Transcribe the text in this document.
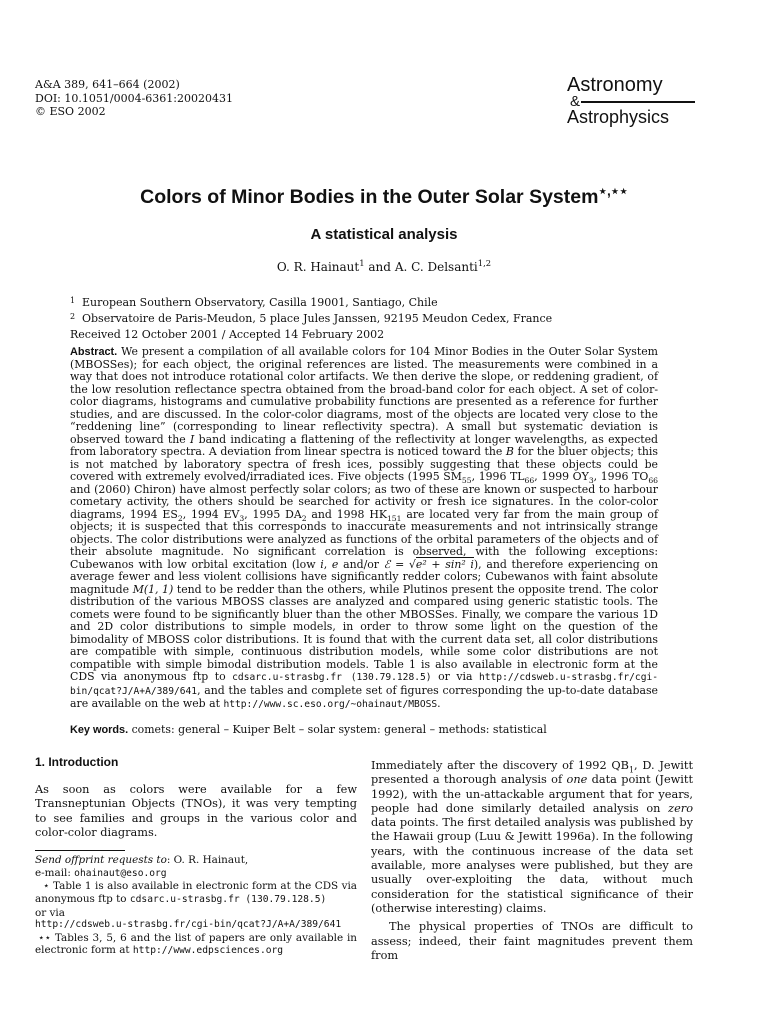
A&A 389, 641–664 (2002)
DOI: 10.1051/0004-6361:20020431
© ESO 2002
Astronomy
&
Astrophysics
Colors of Minor Bodies in the Outer Solar System⋆,⋆⋆
A statistical analysis
O. R. Hainaut$^1$ and A. C. Delsanti$^{1,2}$
1 European Southern Observatory, Casilla 19001, Santiago, Chile
2 Observatoire de Paris-Meudon, 5 place Jules Janssen, 92195 Meudon Cedex, France
Received 12 October 2001 / Accepted 14 February 2002
Abstract. We present a compilation of all available colors for 104 Minor Bodies in the Outer Solar System (MBOSSes); for each object, the original references are listed. The measurements were combined in a way that does not introduce rotational color artifacts. We then derive the slope, or reddening gradient, of the low resolution reflectance spectra obtained from the broad-band color for each object. A set of color-color diagrams, histograms and cumulative probability functions are presented as a reference for further studies, and are discussed. In the color-color diagrams, most of the objects are located very close to the “reddening line” (corresponding to linear reflectivity spectra). A small but systematic deviation is observed toward the I band indicating a flattening of the reflectivity at longer wavelengths, as expected from laboratory spectra. A deviation from linear spectra is noticed toward the B for the bluer objects; this is not matched by laboratory spectra of fresh ices, possibly suggesting that these objects could be covered with extremely evolved/irradiated ices. Five objects (1995 $SM_{55}$, 1996 $TL_{66}$, 1999 $OY_3$, 1996 $TO_{66}$ and (2060) Chiron) have almost perfectly solar colors; as two of these are known or suspected to harbour cometary activity, the others should be searched for activity or fresh ice signatures. In the color-color diagrams, 1994 $ES_2$, 1994 $EV_3$, 1995 $DA_2$ and 1998 $HK_{151}$ are located very far from the main group of objects; it is suspected that this corresponds to inaccurate measurements and not intrinsically strange objects. The color distributions were analyzed as functions of the orbital parameters of the objects and of their absolute magnitude. No significant correlation is observed, with the following exceptions: Cubewanos with low orbital excitation (low i, e and/or ℰ = √e² + sin² i), and therefore experiencing on average fewer and less violent collisions have significantly redder colors; Cubewanos with faint absolute magnitude M(1, 1) tend to be redder than the others, while Plutinos present the opposite trend. The color distribution of the various MBOSS classes are analyzed and compared using generic statistic tools. The comets were found to be significantly bluer than the other MBOSSes. Finally, we compare the various 1D and 2D color distributions to simple models, in order to throw some light on the question of the bimodality of MBOSS color distributions. It is found that with the current data set, all color distributions are compatible with simple, continuous distribution models, while some color distributions are not compatible with simple bimodal distribution models. Table 1 is also available in electronic form at the CDS via anonymous ftp to cdsarc.u-strasbg.fr (130.79.128.5) or via http://cdsweb.u-strasbg.fr/cgi-bin/qcat?J/A+A/389/641, and the tables and complete set of figures corresponding the up-to-date database are available on the web at http://www.sc.eso.org/~ohainaut/MBOSS.
Key words. comets: general – Kuiper Belt – solar system: general – methods: statistical
1. Introduction

As soon as colors were available for a few Transneptunian Objects (TNOs), it was very tempting to see families and groups in the various color and color-color diagrams.

Send offprint requests to: O. R. Hainaut,
e-mail: ohainaut@eso.org
⋆ Table 1 is also available in electronic form at the CDS via anonymous ftp to cdsarc.u-strasbg.fr (130.79.128.5)
or via
http://cdsweb.u-strasbg.fr/cgi-bin/qcat?J/A+A/389/641
⋆⋆ Tables 3, 5, 6 and the list of papers are only available in electronic form at http://www.edpsciences.org

Immediately after the discovery of 1992 $QB_1$, D. Jewitt presented a thorough analysis of one data point (Jewitt 1992), with the un-attackable argument that for years, people had done similarly detailed analysis on zero data points. The first detailed analysis was published by the Hawaii group (Luu & Jewitt 1996a). In the following years, with the continuous increase of the data set available, more analyses were published, but they are usually over-exploiting the data, without much consideration for the statistical significance of their (otherwise interesting) claims.

The physical properties of TNOs are difficult to assess; indeed, their faint magnitudes prevent them from
